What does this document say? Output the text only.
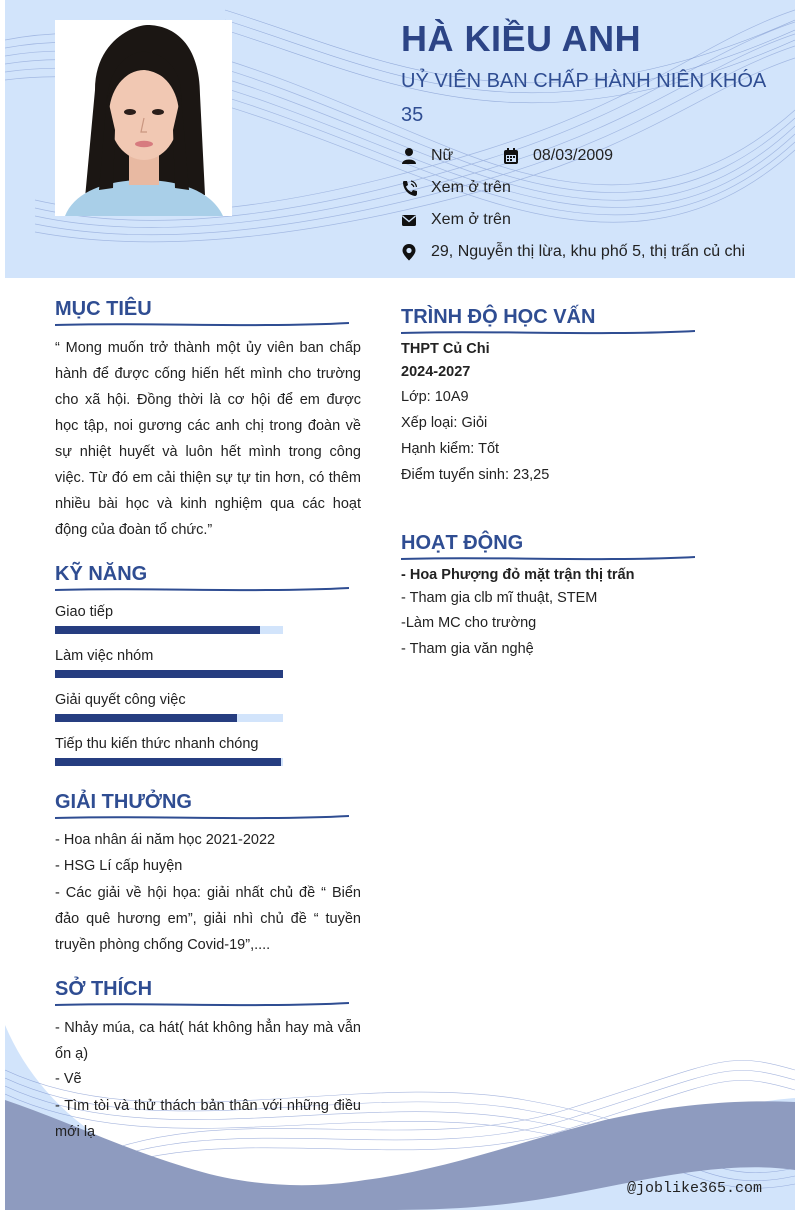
HÀ KIỀU ANH
UỶ VIÊN BAN CHẤP HÀNH NIÊN KHÓA 35
Nữ	08/03/2009
Xem ở trên
Xem ở trên
29, Nguyễn thị lừa, khu phố 5, thị trấn củ chi
MỤC TIÊU
“ Mong muốn trở thành một ủy viên ban chấp hành để được cống hiến hết mình cho trường cho xã hội. Đồng thời là cơ hội để em được học tập, noi gương các anh chị trong đoàn về sự nhiệt huyết và luôn hết mình trong công việc. Từ đó em cải thiện sự tự tin hơn, có thêm nhiều bài học và kinh nghiệm qua các hoạt động của đoàn tổ chức.”
KỸ NĂNG
Giao tiếp
Làm việc nhóm
Giải quyết công việc
Tiếp thu kiến thức nhanh chóng
GIẢI THƯỞNG
- Hoa nhân ái năm học 2021-2022
- HSG Lí cấp huyện
- Các giải về hội họa: giải nhất chủ đề “ Biển đảo quê hương em”, giải nhì chủ đề “ tuyền truyền phòng chống Covid-19”,....
SỞ THÍCH
- Nhảy múa, ca hát( hát không hẳn hay mà vẫn ổn ạ)
- Vẽ
- Tìm tòi và thử thách bản thân với những điều mới lạ
TRÌNH ĐỘ HỌC VẤN
THPT Củ Chi
2024-2027
Lớp: 10A9
Xếp loại: Giỏi
Hạnh kiểm: Tốt
Điểm tuyển sinh: 23,25
HOẠT ĐỘNG
- Hoa Phượng đỏ mặt trận thị trấn
- Tham gia clb mĩ thuật, STEM
-Làm MC cho trường
- Tham gia văn nghệ
@joblike365.com
